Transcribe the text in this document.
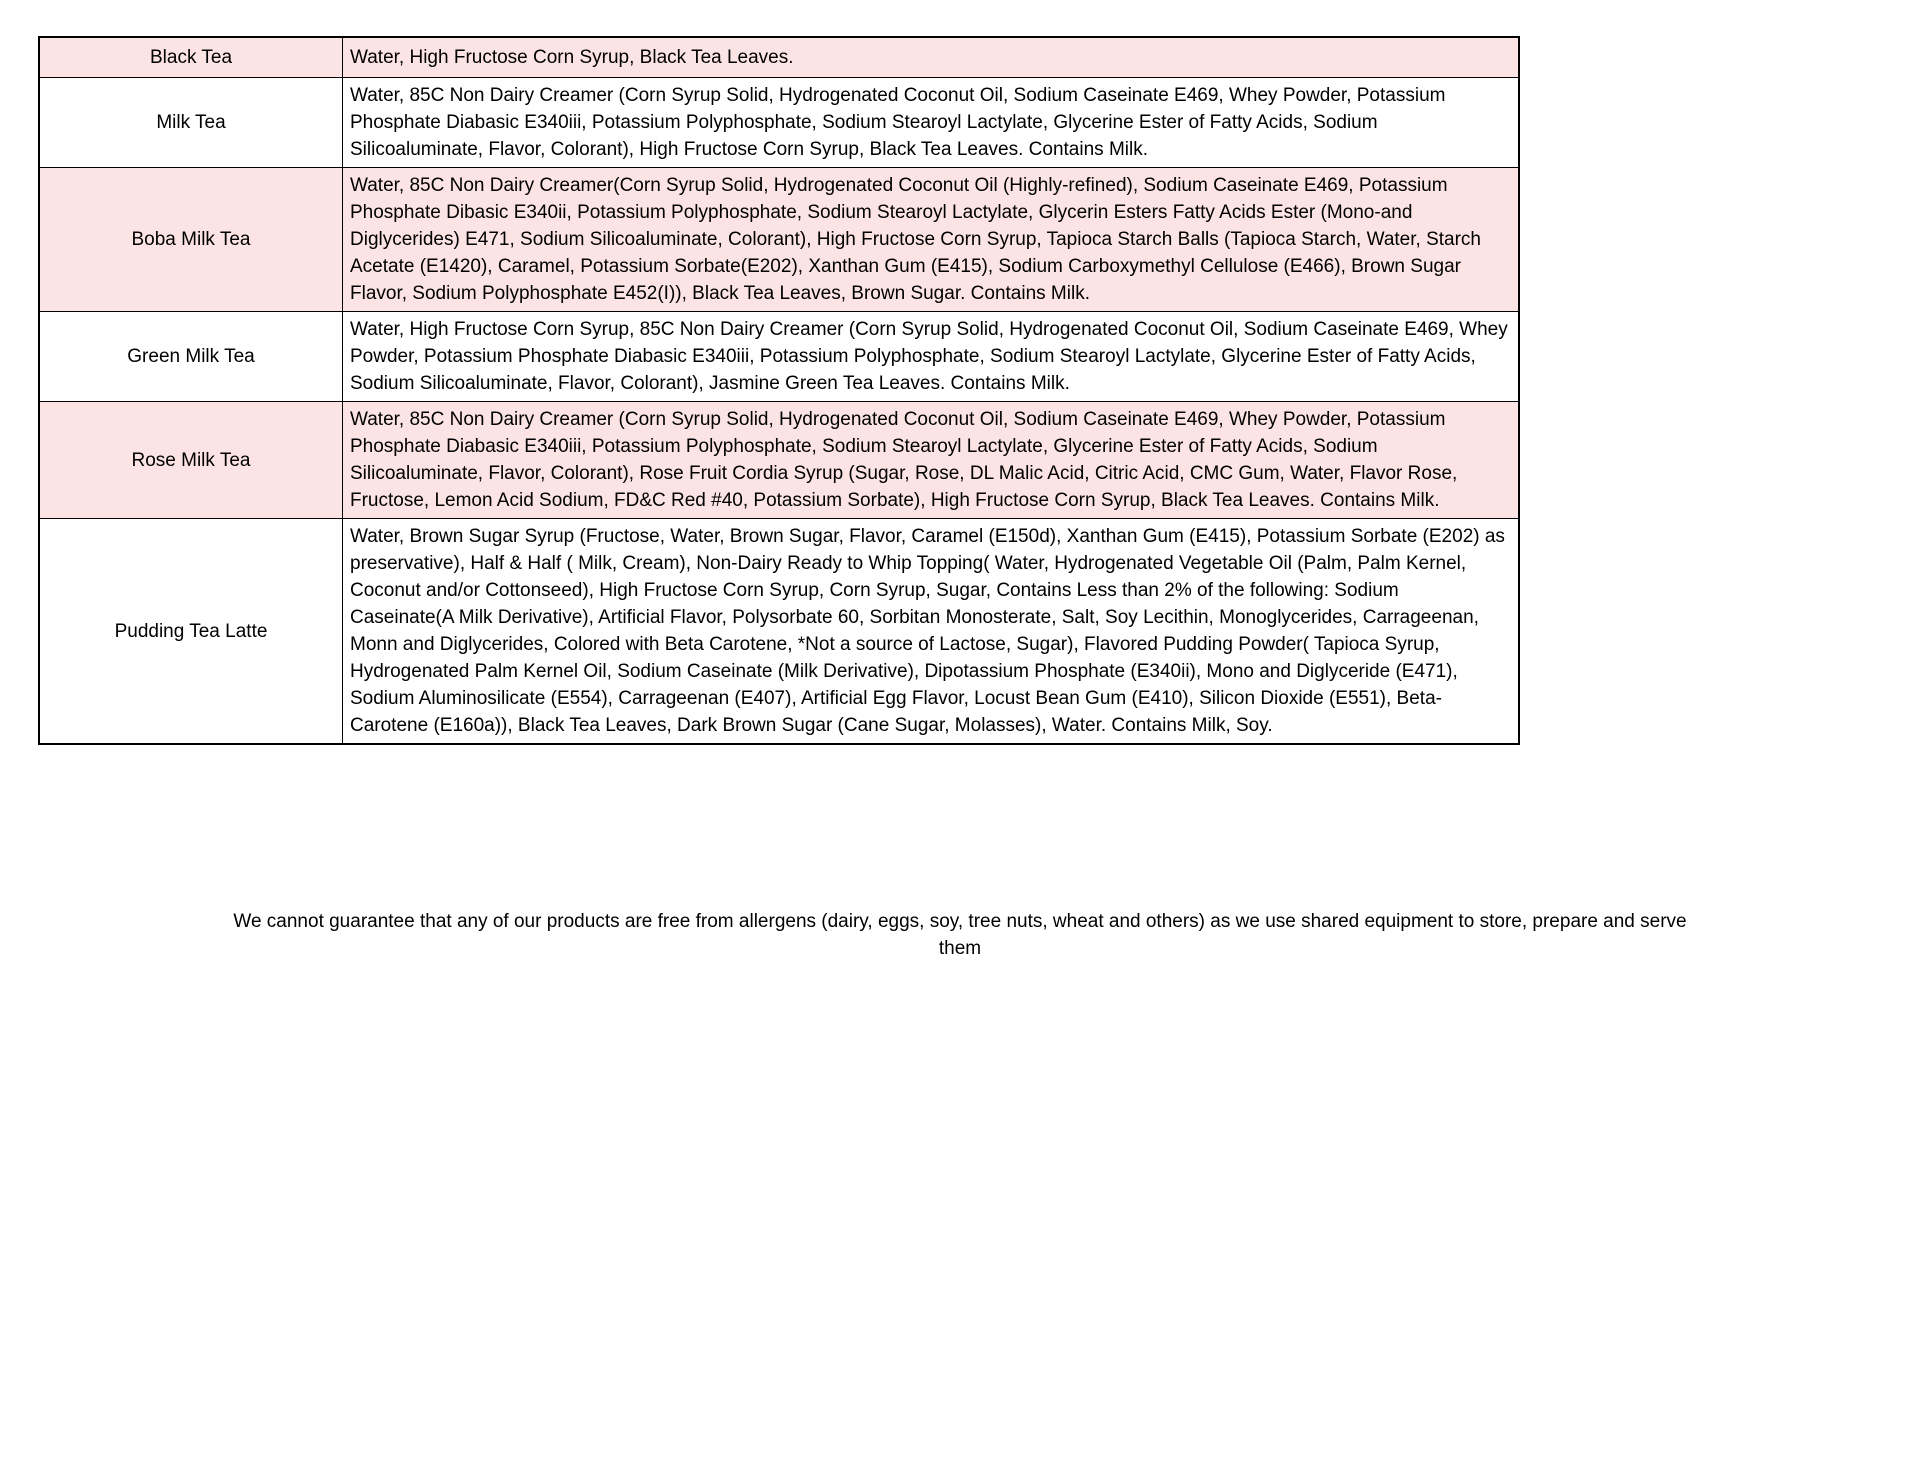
Black Tea	Water, High Fructose Corn Syrup, Black Tea Leaves.
Milk Tea	Water, 85C Non Dairy Creamer (Corn Syrup Solid, Hydrogenated Coconut Oil, Sodium Caseinate E469, Whey Powder, Potassium Phosphate Diabasic E340iii, Potassium Polyphosphate, Sodium Stearoyl Lactylate, Glycerine Ester of Fatty Acids, Sodium Silicoaluminate, Flavor, Colorant), High Fructose Corn Syrup, Black Tea Leaves. Contains Milk.
Boba Milk Tea	Water, 85C Non Dairy Creamer(Corn Syrup Solid, Hydrogenated Coconut Oil (Highly-refined), Sodium Caseinate E469, Potassium Phosphate Dibasic E340ii, Potassium Polyphosphate, Sodium Stearoyl Lactylate, Glycerin Esters Fatty Acids Ester (Mono-and Diglycerides) E471, Sodium Silicoaluminate, Colorant), High Fructose Corn Syrup, Tapioca Starch Balls (Tapioca Starch, Water, Starch Acetate (E1420), Caramel, Potassium Sorbate(E202), Xanthan Gum (E415), Sodium Carboxymethyl Cellulose (E466), Brown Sugar Flavor, Sodium Polyphosphate E452(I)), Black Tea Leaves, Brown Sugar. Contains Milk.
Green Milk Tea	Water, High Fructose Corn Syrup, 85C Non Dairy Creamer (Corn Syrup Solid, Hydrogenated Coconut Oil, Sodium Caseinate E469, Whey Powder, Potassium Phosphate Diabasic E340iii, Potassium Polyphosphate, Sodium Stearoyl Lactylate, Glycerine Ester of Fatty Acids, Sodium Silicoaluminate, Flavor, Colorant), Jasmine Green Tea Leaves. Contains Milk.
Rose Milk Tea	Water, 85C Non Dairy Creamer (Corn Syrup Solid, Hydrogenated Coconut Oil, Sodium Caseinate E469, Whey Powder, Potassium Phosphate Diabasic E340iii, Potassium Polyphosphate, Sodium Stearoyl Lactylate, Glycerine Ester of Fatty Acids, Sodium Silicoaluminate, Flavor, Colorant), Rose Fruit Cordia Syrup (Sugar, Rose, DL Malic Acid, Citric Acid, CMC Gum, Water, Flavor Rose, Fructose, Lemon Acid Sodium, FD&C Red #40, Potassium Sorbate), High Fructose Corn Syrup, Black Tea Leaves. Contains Milk.
Pudding Tea Latte	Water, Brown Sugar Syrup (Fructose, Water, Brown Sugar, Flavor, Caramel (E150d), Xanthan Gum (E415), Potassium Sorbate (E202) as preservative), Half & Half ( Milk, Cream), Non-Dairy Ready to Whip Topping( Water, Hydrogenated Vegetable Oil (Palm, Palm Kernel, Coconut and/or Cottonseed), High Fructose Corn Syrup, Corn Syrup, Sugar, Contains Less than 2% of the following: Sodium Caseinate(A Milk Derivative), Artificial Flavor, Polysorbate 60, Sorbitan Monosterate, Salt, Soy Lecithin, Monoglycerides, Carrageenan, Monn and Diglycerides, Colored with Beta Carotene, *Not a source of Lactose, Sugar), Flavored Pudding Powder( Tapioca Syrup, Hydrogenated Palm Kernel Oil, Sodium Caseinate (Milk Derivative), Dipotassium Phosphate (E340ii), Mono and Diglyceride (E471), Sodium Aluminosilicate (E554), Carrageenan (E407), Artificial Egg Flavor, Locust Bean Gum (E410), Silicon Dioxide (E551), Beta-Carotene (E160a)), Black Tea Leaves, Dark Brown Sugar (Cane Sugar, Molasses), Water. Contains Milk, Soy.
We cannot guarantee that any of our products are free from allergens (dairy, eggs, soy, tree nuts, wheat and others) as we use shared equipment to store, prepare and serve them
